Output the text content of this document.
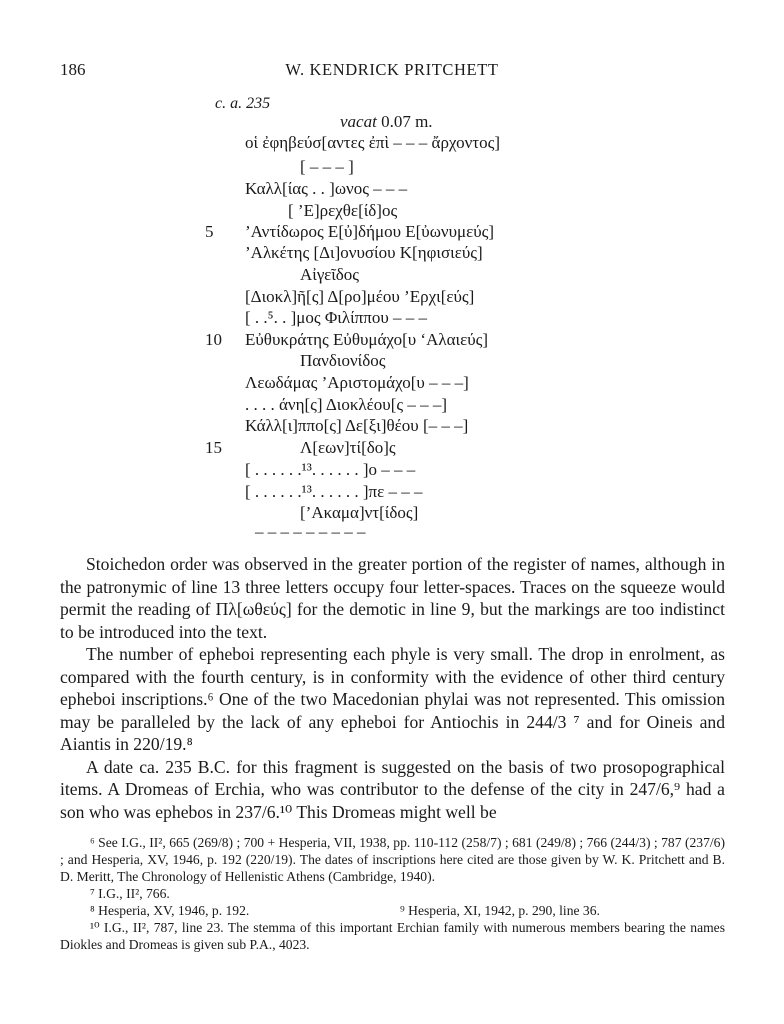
186	W. KENDRICK PRITCHETT
c. a. 235
vacat 0.07 m.
οἱ ἐφηβεύσ[αντες ἐπὶ – – – ἄρχοντος]
[ – – – ]
Καλλ[ίας . . ]ωνος – – –
[ ’Ε]ρεχθε[ίδ]ος
’Αντίδωρος Ε[ὐ]δήμου Ε[ὐωνυμεύς]
’Αλκέτης [Δι]ονυσίου Κ[ηφισιεύς]
Αἰγεῖδος
[Διοκλ]ῆ[ς] Δ[ρο]μέου ’Ερχι[εύς]
[ . .⁵. . ]μος Φιλίππου – – –
Εὐθυκράτης Εὐθυμάχο[υ ‘Αλαιεύς]
Πανδιονίδος
Λεωδάμας ’Αριστομάχο[υ – – –]
. . . . άνη[ς] Διοκλέου[ς – – –]
Κάλλ[ι]ππο[ς] Δε[ξι]θέου [– – –]
Λ[εων]τί[δο]ς
[ . . . . . .¹³. . . . . . ]ο – – –
[ . . . . . .¹³. . . . . . ]πε – – –
[’Ακαμα]ντ[ίδος]
– – – – – – – – –
5
10
15

Stoichedon order was observed in the greater portion of the register of names, although in the patronymic of line 13 three letters occupy four letter-spaces. Traces on the squeeze would permit the reading of Πλ[ωθεύς] for the demotic in line 9, but the markings are too indistinct to be introduced into the text.

The number of epheboi representing each phyle is very small. The drop in enrolment, as compared with the fourth century, is in conformity with the evidence of other third century epheboi inscriptions.⁶ One of the two Macedonian phylai was not represented. This omission may be paralleled by the lack of any epheboi for Antiochis in 244/3 ⁷ and for Oineis and Aiantis in 220/19.⁸

A date ca. 235 B.C. for this fragment is suggested on the basis of two prosopographical items. A Dromeas of Erchia, who was contributor to the defense of the city in 247/6,⁹ had a son who was ephebos in 237/6.¹⁰ This Dromeas might well be

⁶ See I.G., II², 665 (269/8) ; 700 + Hesperia, VII, 1938, pp. 110-112 (258/7) ; 681 (249/8) ; 766 (244/3) ; 787 (237/6) ; and Hesperia, XV, 1946, p. 192 (220/19). The dates of inscriptions here cited are those given by W. K. Pritchett and B. D. Meritt, The Chronology of Hellenistic Athens (Cambridge, 1940).

⁷ I.G., II², 766.

⁸ Hesperia, XV, 1946, p. 192.	⁹ Hesperia, XI, 1942, p. 290, line 36.

¹⁰ I.G., II², 787, line 23. The stemma of this important Erchian family with numerous members bearing the names Diokles and Dromeas is given sub P.A., 4023.
